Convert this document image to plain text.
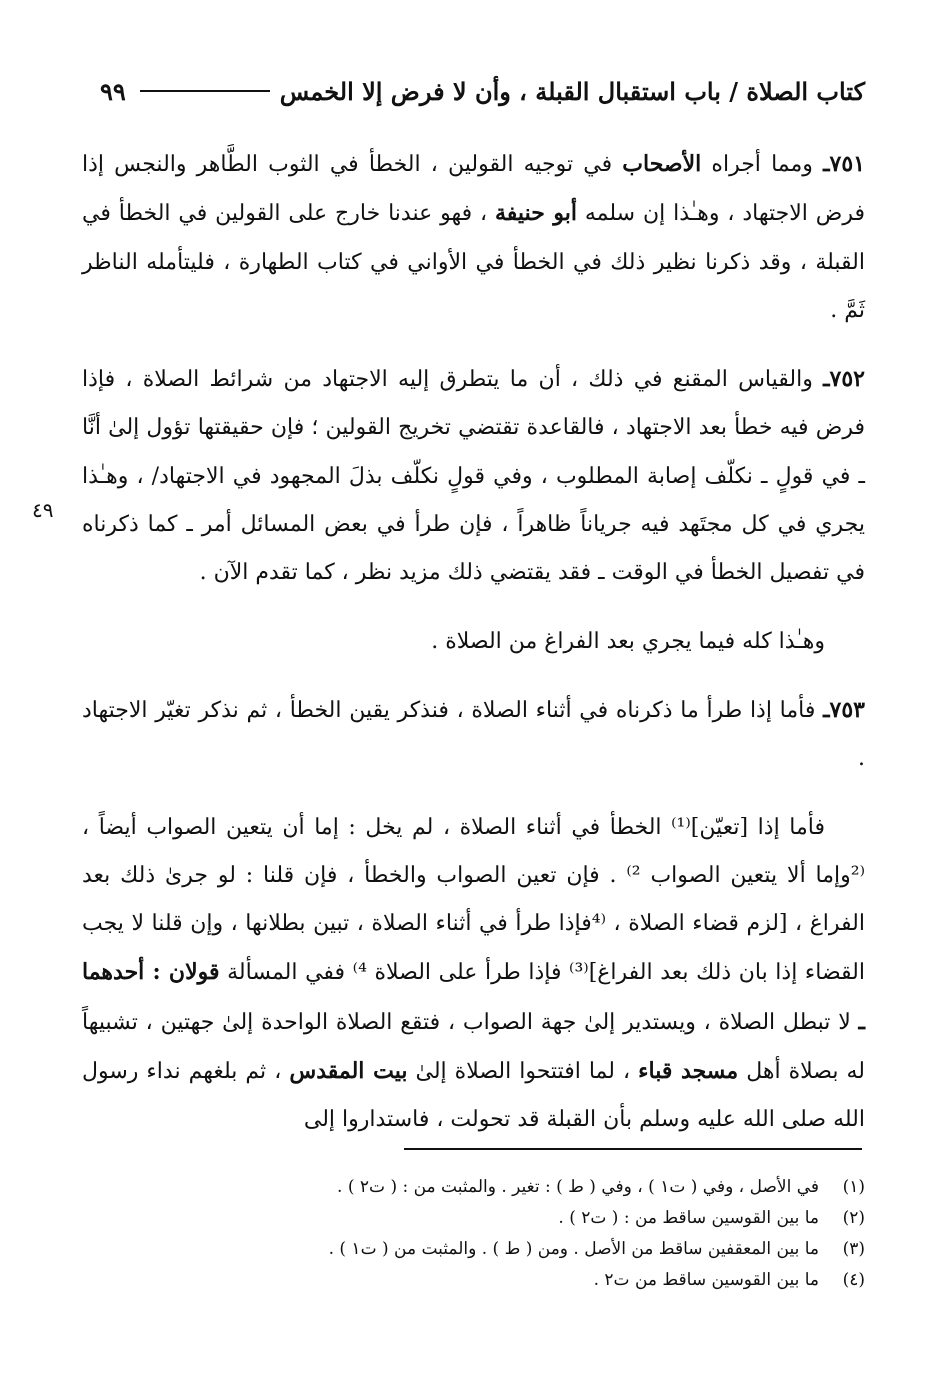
كتاب الصلاة / باب استقبال القبلة ، وأن لا فرض إلا الخمس
٩٩
٤٩

٧٥١ـ ومما أجراه الأصحاب في توجيه القولين ، الخطأ في الثوب الطَّاهر والنجس إذا فرض الاجتهاد ، وهـٰذا إن سلمه أبو حنيفة ، فهو عندنا خارج على القولين في الخطأ في القبلة ، وقد ذكرنا نظير ذلك في الخطأ في الأواني في كتاب الطهارة ، فليتأمله الناظر ثَمَّ .

٧٥٢ـ والقياس المقنع في ذلك ، أن ما يتطرق إليه الاجتهاد من شرائط الصلاة ، فإذا فرض فيه خطأ بعد الاجتهاد ، فالقاعدة تقتضي تخريج القولين ؛ فإن حقيقتها تؤول إلىٰ أنَّا ـ في قولٍ ـ نكلّف إصابة المطلوب ، وفي قولٍ نكلّف بذلَ المجهود في الاجتهاد/ ، وهـٰذا يجري في كل مجتَهد فيه جرياناً ظاهراً ، فإن طرأ في بعض المسائل أمر ـ كما ذكرناه في تفصيل الخطأ في الوقت ـ فقد يقتضي ذلك مزيد نظر ، كما تقدم الآن .

وهـٰذا كله فيما يجري بعد الفراغ من الصلاة .

٧٥٣ـ فأما إذا طرأ ما ذكرناه في أثناء الصلاة ، فنذكر يقين الخطأ ، ثم نذكر تغيّر الاجتهاد .

فأما إذا [تعيّن]⁽¹⁾ الخطأ في أثناء الصلاة ، لم يخل : إما أن يتعين الصواب أيضاً ، ⁽²وإما ألا يتعين الصواب ²⁾ . فإن تعين الصواب والخطأ ، فإن قلنا : لو جرىٰ ذلك بعد الفراغ ، [لزم قضاء الصلاة ، ⁽⁴فإذا طرأ في أثناء الصلاة ، تبين بطلانها ، وإن قلنا لا يجب القضاء إذا بان ذلك بعد الفراغ]⁽³⁾ فإذا طرأ على الصلاة ⁴⁾ ففي المسألة قولان : أحدهما ـ لا تبطل الصلاة ، ويستدير إلىٰ جهة الصواب ، فتقع الصلاة الواحدة إلىٰ جهتين ، تشبيهاً له بصلاة أهل مسجد قباء ، لما افتتحوا الصلاة إلىٰ بيت المقدس ، ثم بلغهم نداء رسول الله صلى الله عليه وسلم بأن القبلة قد تحولت ، فاستداروا إلى

(١)
في الأصل ، وفي ( ت١ ) ، وفي ( ط ) : تغير . والمثبت من : ( ت٢ ) .
(٢)
ما بين القوسين ساقط من : ( ت٢ ) .
(٣)
ما بين المعقفين ساقط من الأصل . ومن ( ط ) . والمثبت من ( ت١ ) .
(٤)
ما بين القوسين ساقط من ت٢ .
